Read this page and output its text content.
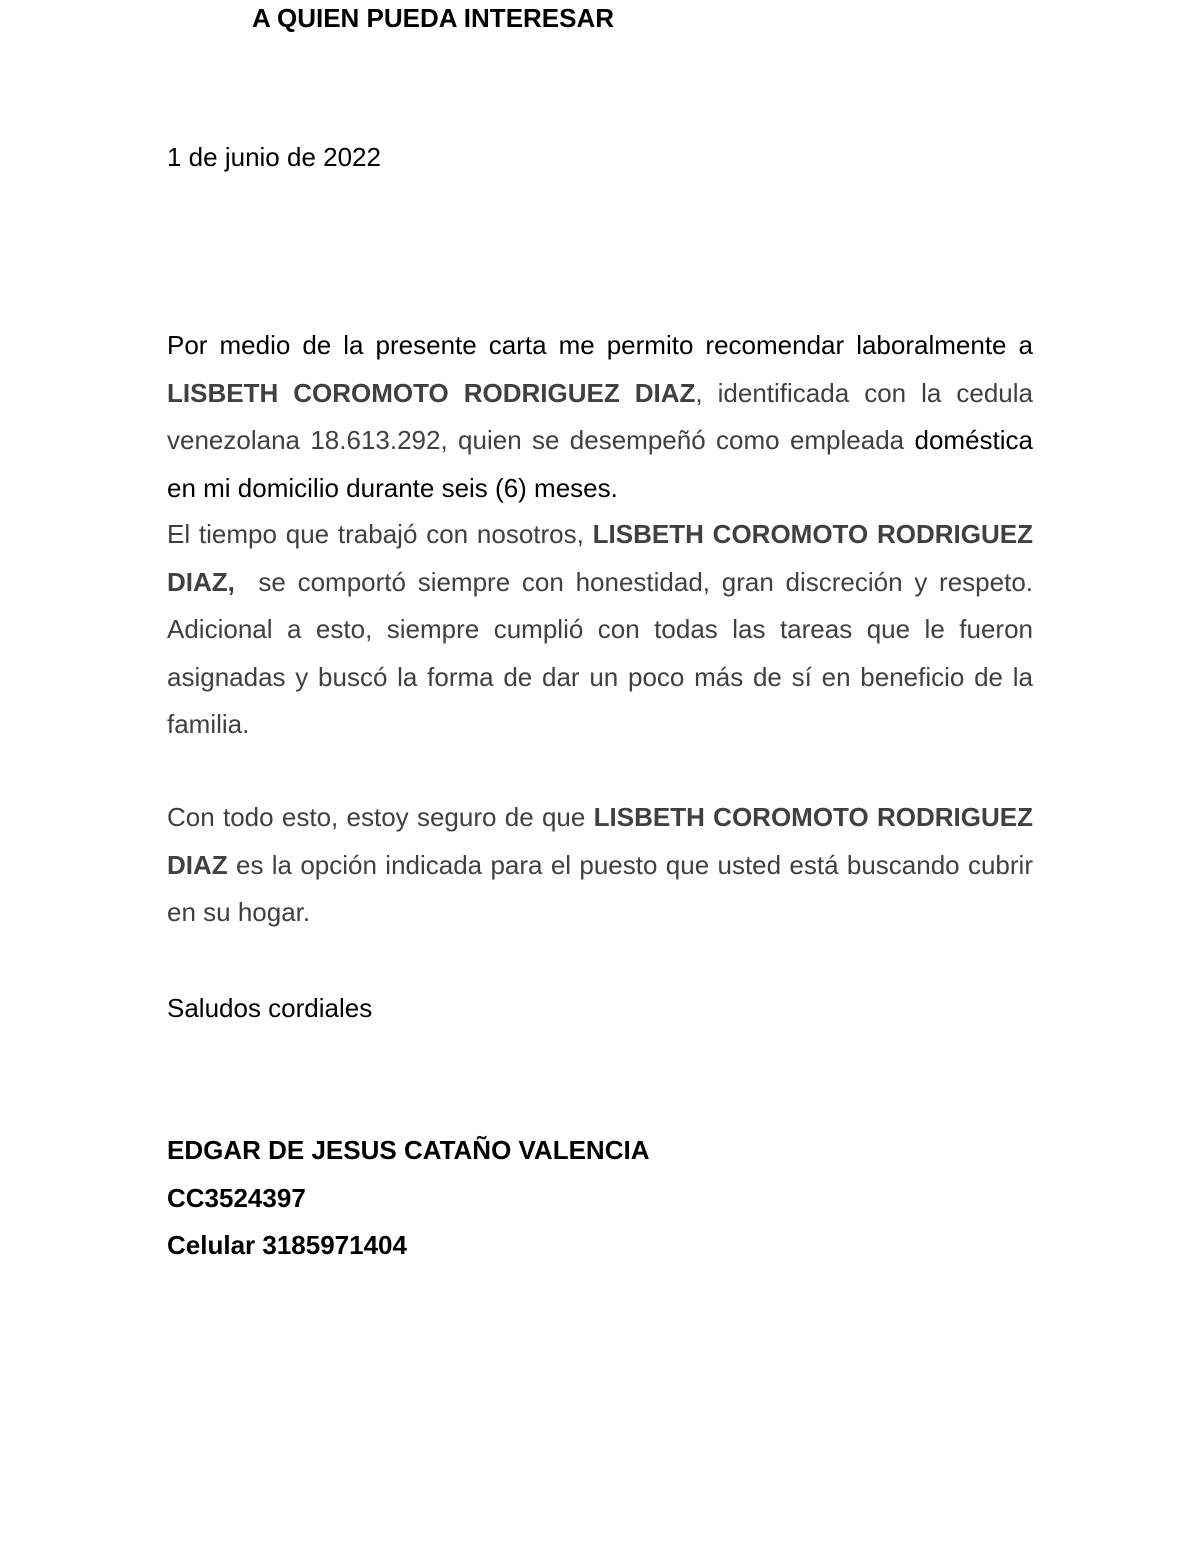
1 de junio de 2022
A QUIEN PUEDA INTERESAR

Por medio de la presente carta me permito recomendar laboralmente a LISBETH COROMOTO RODRIGUEZ DIAZ, identificada con la cedula venezolana 18.613.292, quien se desempeñó como empleada doméstica en mi domicilio durante seis (6) meses.

El tiempo que trabajó con nosotros, LISBETH COROMOTO RODRIGUEZ DIAZ, se comportó siempre con honestidad, gran discreción y respeto. Adicional a esto, siempre cumplió con todas las tareas que le fueron asignadas y buscó la forma de dar un poco más de sí en beneficio de la familia.

Con todo esto, estoy seguro de que LISBETH COROMOTO RODRIGUEZ DIAZ es la opción indicada para el puesto que usted está buscando cubrir en su hogar.

Saludos cordiales
EDGAR DE JESUS CATAÑO VALENCIA
CC3524397
Celular 3185971404
